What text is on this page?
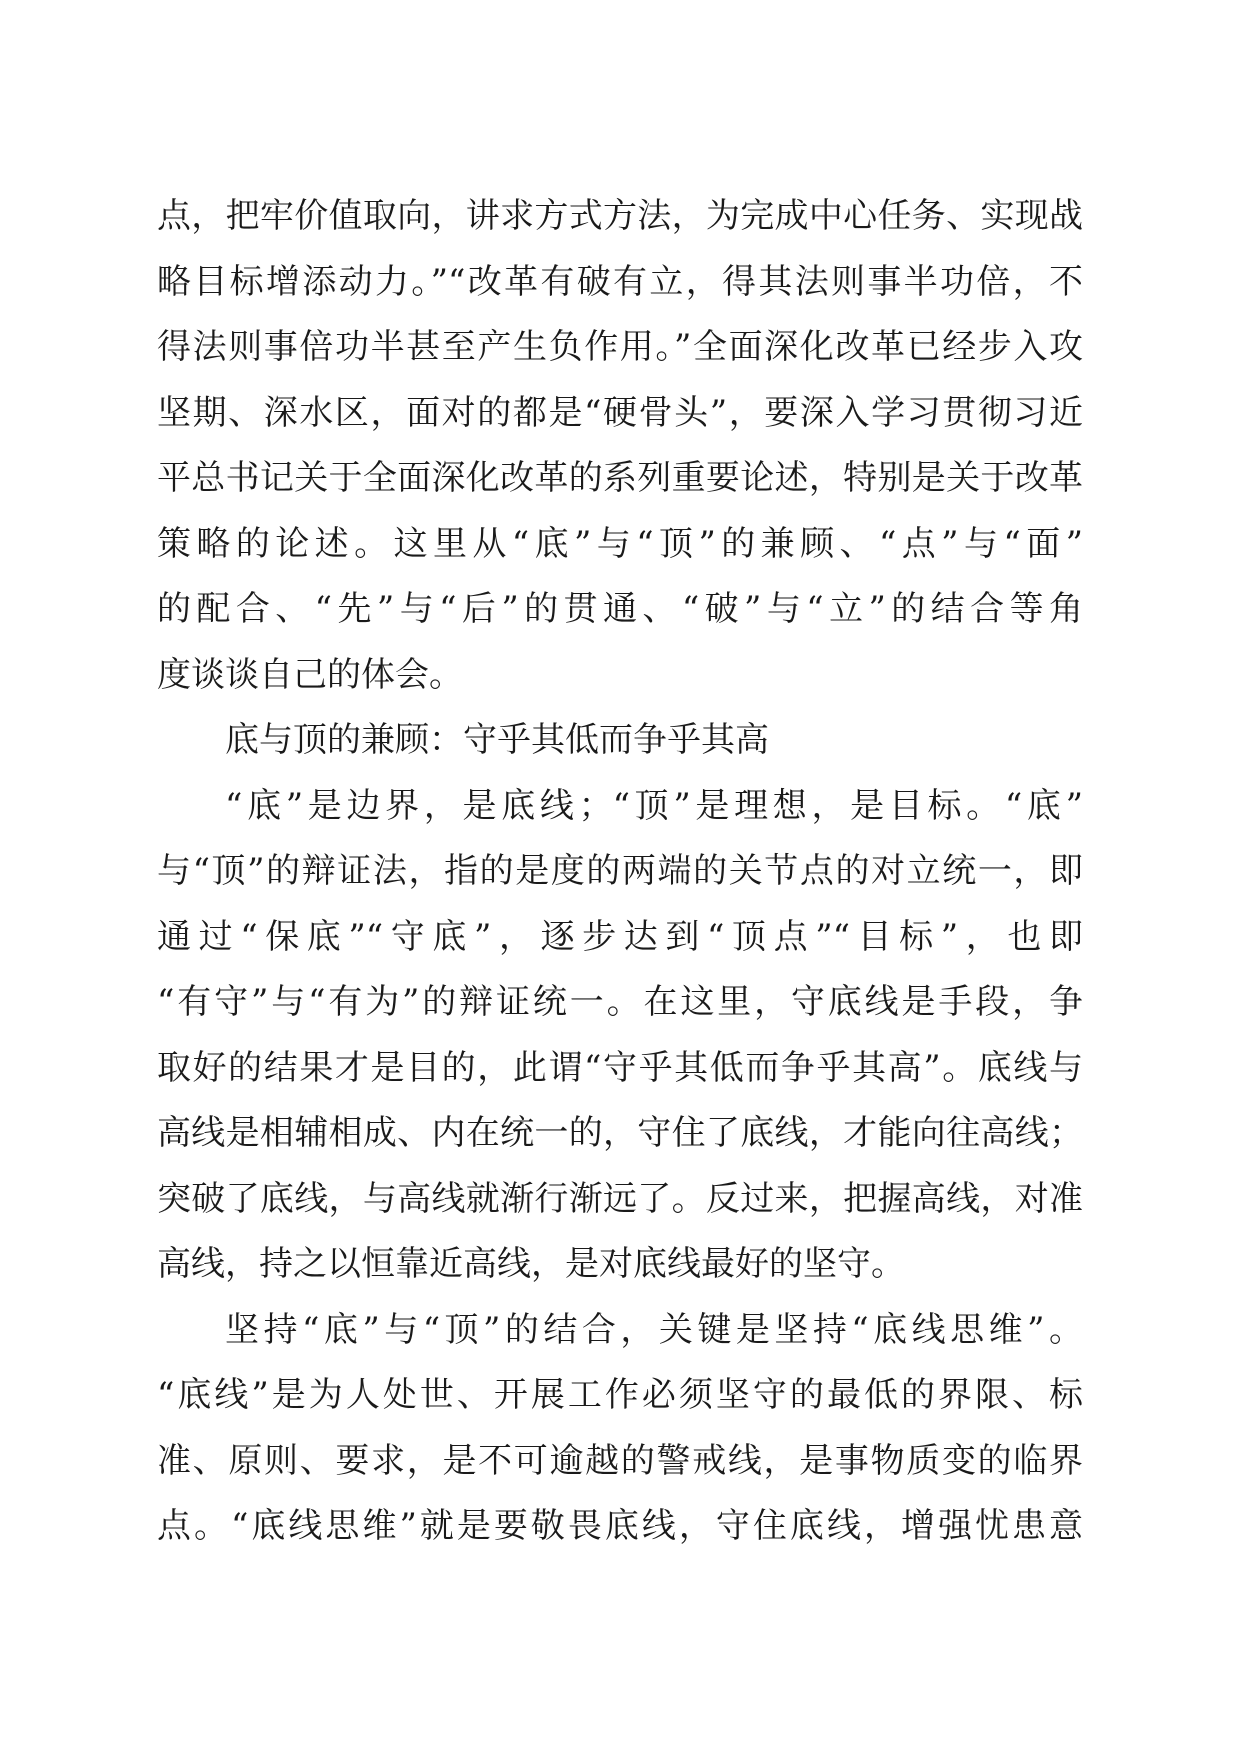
点，把牢价值取向，讲求方式方法，为完成中心任务、实现战
略目标增添动力。”“改革有破有立，得其法则事半功倍，不
得法则事倍功半甚至产生负作用。”全面深化改革已经步入攻
坚期、深水区，面对的都是“硬骨头”，要深入学习贯彻习近
平总书记关于全面深化改革的系列重要论述，特别是关于改革
策略的论述。这里从“底”与“顶”的兼顾、“点”与“面”
的配合、“先”与“后”的贯通、“破”与“立”的结合等角
度谈谈自己的体会。
底与顶的兼顾：守乎其低而争乎其高
“底”是边界，是底线；“顶”是理想，是目标。“底”
与“顶”的辩证法，指的是度的两端的关节点的对立统一，即
通过“保底”“守底”，逐步达到“顶点”“目标”，也即
“有守”与“有为”的辩证统一。在这里，守底线是手段，争
取好的结果才是目的，此谓“守乎其低而争乎其高”。底线与
高线是相辅相成、内在统一的，守住了底线，才能向往高线；
突破了底线，与高线就渐行渐远了。反过来，把握高线，对准
高线，持之以恒靠近高线，是对底线最好的坚守。
坚持“底”与“顶”的结合，关键是坚持“底线思维”。
“底线”是为人处世、开展工作必须坚守的最低的界限、标
准、原则、要求，是不可逾越的警戒线，是事物质变的临界
点。“底线思维”就是要敬畏底线，守住底线，增强忧患意
